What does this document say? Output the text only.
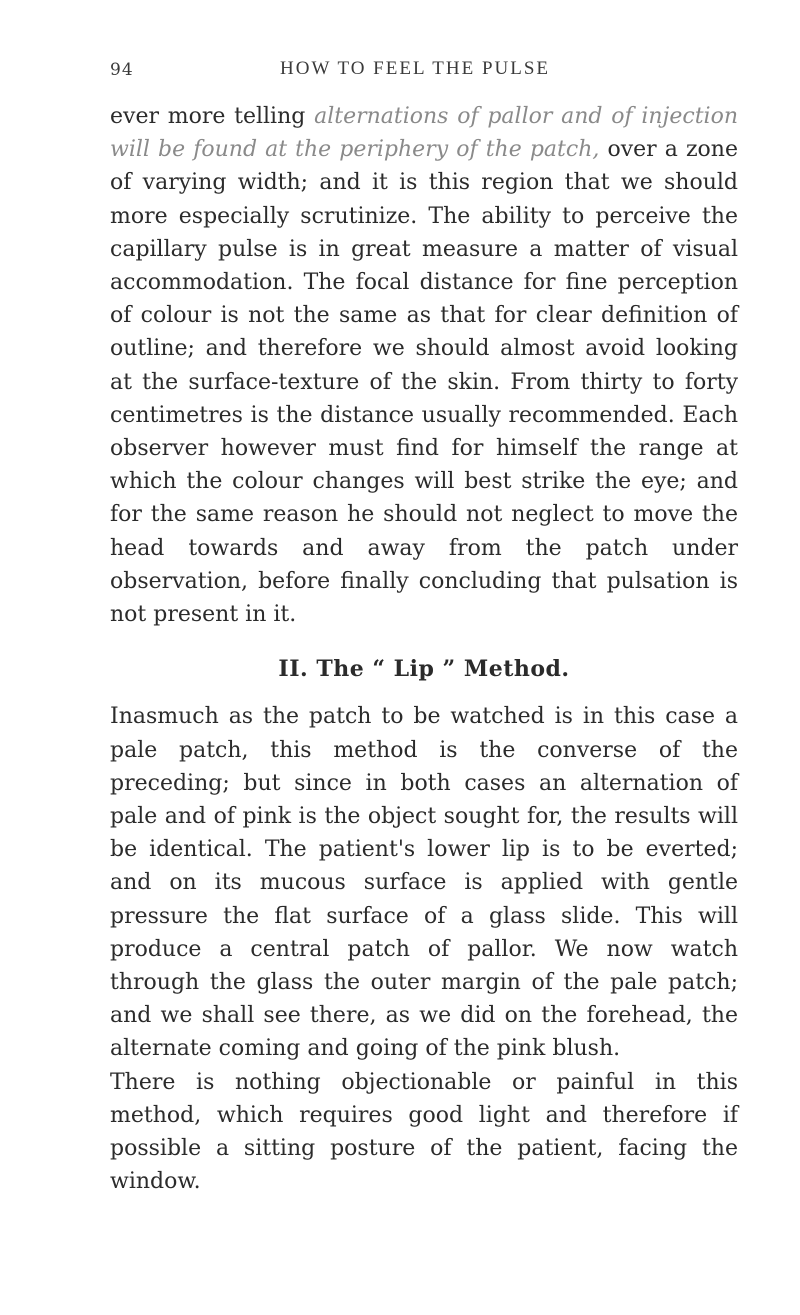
94	HOW TO FEEL THE PULSE

ever more telling alternations of pallor and of injection will be found at the periphery of the patch, over a zone of varying width; and it is this region that we should more especially scrutinize. The ability to perceive the capillary pulse is in great measure a matter of visual accommodation. The focal distance for fine perception of colour is not the same as that for clear definition of outline; and therefore we should almost avoid looking at the surface-texture of the skin. From thirty to forty centimetres is the distance usually recommended. Each observer however must find for himself the range at which the colour changes will best strike the eye; and for the same reason he should not neglect to move the head towards and away from the patch under observation, before finally concluding that pulsation is not present in it.

II. The “ Lip ” Method.

Inasmuch as the patch to be watched is in this case a pale patch, this method is the converse of the preceding; but since in both cases an alternation of pale and of pink is the object sought for, the results will be identical. The patient's lower lip is to be everted; and on its mucous surface is applied with gentle pressure the flat surface of a glass slide. This will produce a central patch of pallor. We now watch through the glass the outer margin of the pale patch; and we shall see there, as we did on the forehead, the alternate coming and going of the pink blush.

There is nothing objectionable or painful in this method, which requires good light and therefore if possible a sitting posture of the patient, facing the window.
